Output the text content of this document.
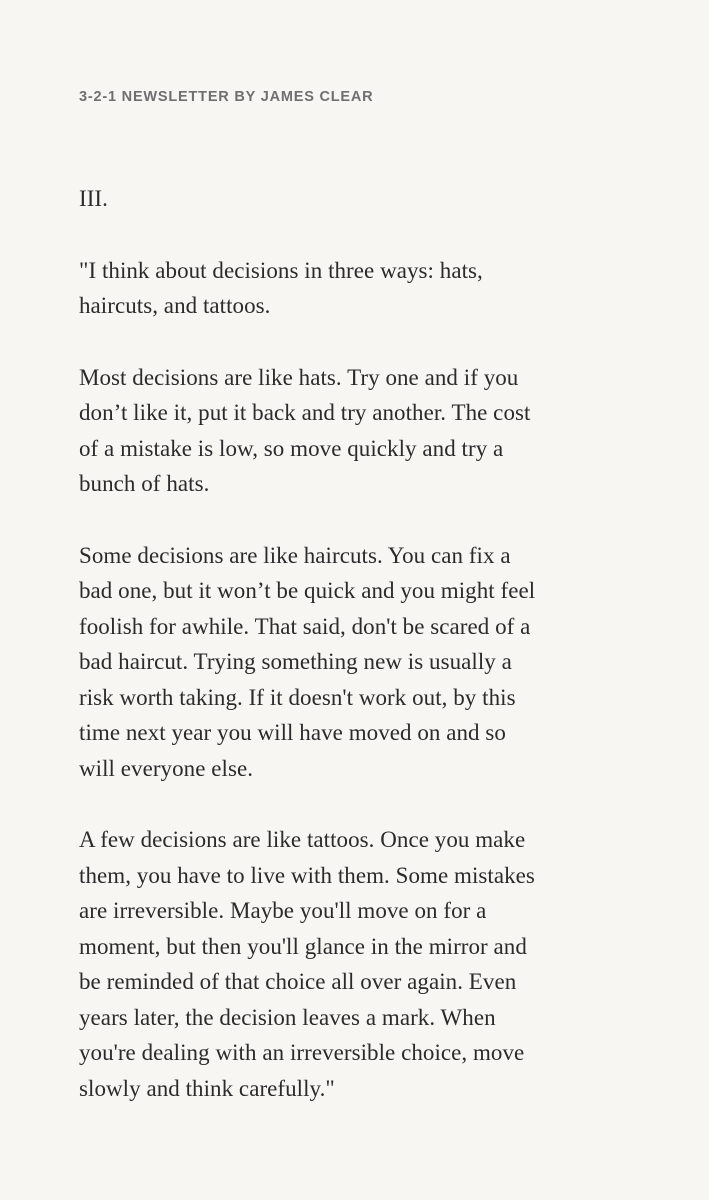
3-2-1 NEWSLETTER BY JAMES CLEAR

III.

"I think about decisions in three ways: hats,
haircuts, and tattoos.

Most decisions are like hats. Try one and if you
don’t like it, put it back and try another. The cost
of a mistake is low, so move quickly and try a
bunch of hats.

Some decisions are like haircuts. You can fix a
bad one, but it won’t be quick and you might feel
foolish for awhile. That said, don't be scared of a
bad haircut. Trying something new is usually a
risk worth taking. If it doesn't work out, by this
time next year you will have moved on and so
will everyone else.

A few decisions are like tattoos. Once you make
them, you have to live with them. Some mistakes
are irreversible. Maybe you'll move on for a
moment, but then you'll glance in the mirror and
be reminded of that choice all over again. Even
years later, the decision leaves a mark. When
you're dealing with an irreversible choice, move
slowly and think carefully."
